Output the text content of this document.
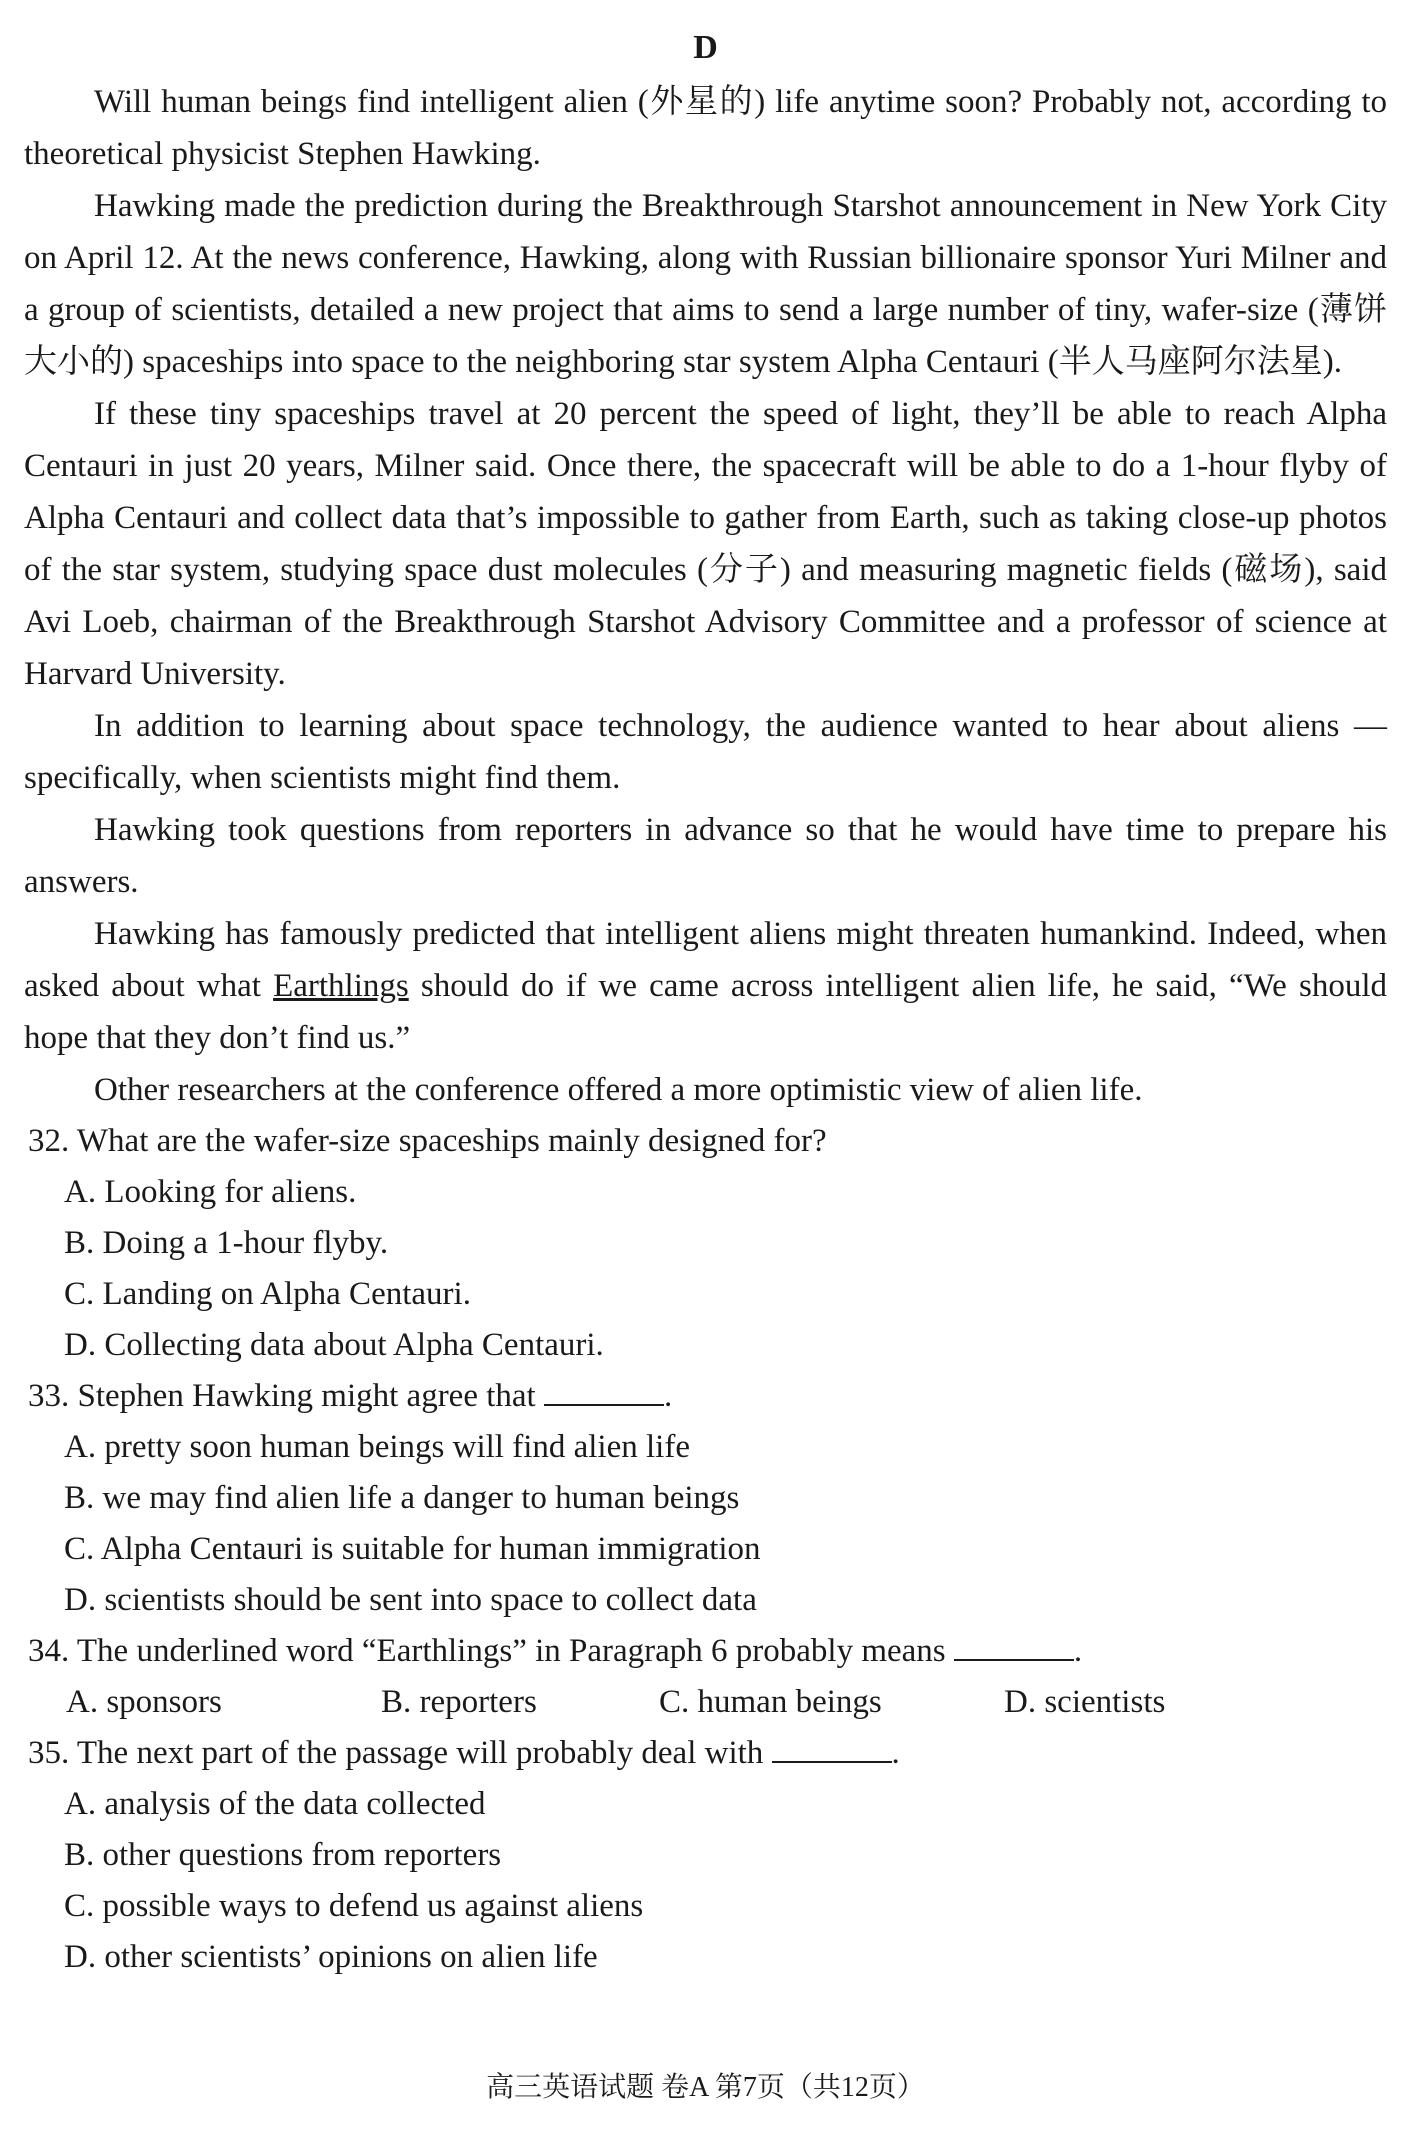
D

Will human beings find intelligent alien (外星的) life anytime soon? Probably not, according to theoretical physicist Stephen Hawking.

Hawking made the prediction during the Breakthrough Starshot announcement in New York City on April 12. At the news conference, Hawking, along with Russian billionaire sponsor Yuri Milner and a group of scientists, detailed a new project that aims to send a large number of tiny, wafer-size (薄饼大小的) spaceships into space to the neighboring star system Alpha Centauri (半人马座阿尔法星).

If these tiny spaceships travel at 20 percent the speed of light, they’ll be able to reach Alpha Centauri in just 20 years, Milner said. Once there, the spacecraft will be able to do a 1-hour flyby of Alpha Centauri and collect data that’s impossible to gather from Earth, such as taking close-up photos of the star system, studying space dust molecules (分子) and measuring magnetic fields (磁场), said Avi Loeb, chairman of the Breakthrough Starshot Advisory Committee and a professor of science at Harvard University.

In addition to learning about space technology, the audience wanted to hear about aliens — specifically, when scientists might find them.

Hawking took questions from reporters in advance so that he would have time to prepare his answers.

Hawking has famously predicted that intelligent aliens might threaten humankind. Indeed, when asked about what Earthlings should do if we came across intelligent alien life, he said, “We should hope that they don’t find us.”

Other researchers at the conference offered a more optimistic view of alien life.

32. What are the wafer-size spaceships mainly designed for?
A. Looking for aliens.
B. Doing a 1-hour flyby.
C. Landing on Alpha Centauri.
D. Collecting data about Alpha Centauri.
33. Stephen Hawking might agree that	.
A. pretty soon human beings will find alien life
B. we may find alien life a danger to human beings
C. Alpha Centauri is suitable for human immigration
D. scientists should be sent into space to collect data
34. The underlined word “Earthlings” in Paragraph 6 probably means	.
A. sponsors	B. reporters	C. human beings	D. scientists
35. The next part of the passage will probably deal with	.
A. analysis of the data collected
B. other questions from reporters
C. possible ways to defend us against aliens
D. other scientists’ opinions on alien life
高三英语试题 卷A 第7页（共12页）
